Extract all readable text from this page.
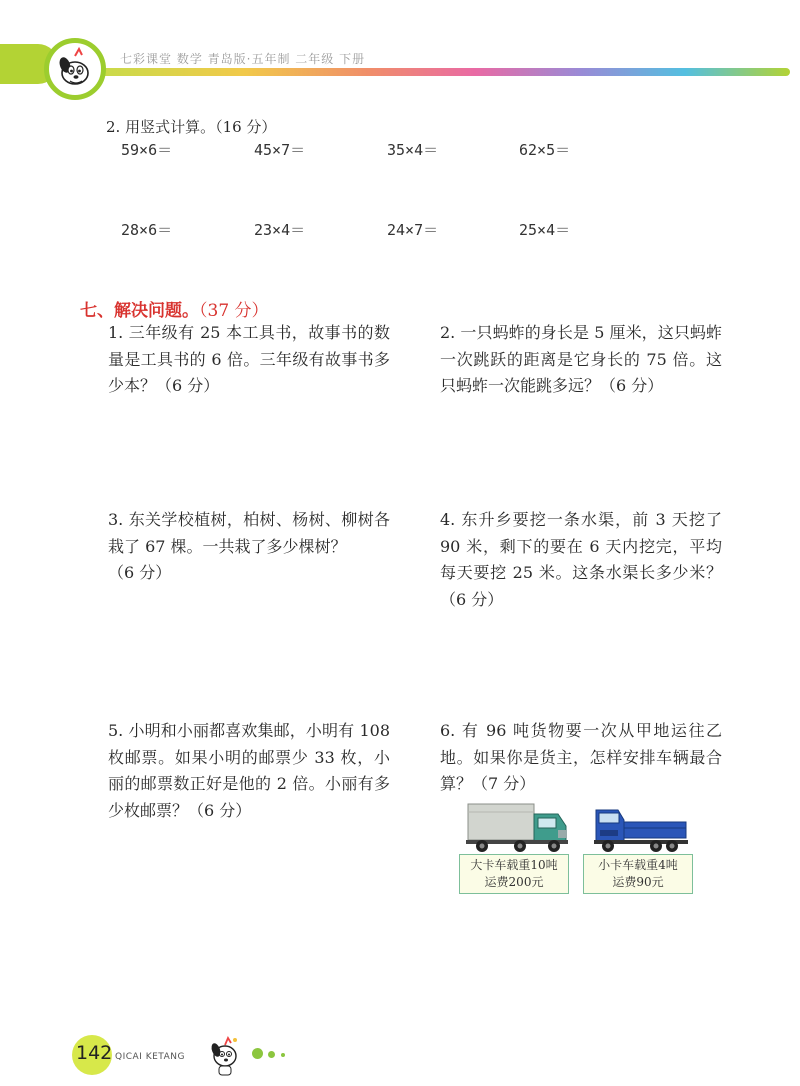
七彩课堂 数学 青岛版·五年制 二年级 下册
2. 用竖式计算。（16 分）
59×6＝	45×7＝	35×4＝	62×5＝
28×6＝	23×4＝	24×7＝	25×4＝
七、解决问题。（37 分）

1. 三年级有 25 本工具书，故事书的数量是工具书的 6 倍。三年级有故事书多少本？（6 分）

2. 一只蚂蚱的身长是 5 厘米，这只蚂蚱一次跳跃的距离是它身长的 75 倍。这只蚂蚱一次能跳多远？（6 分）

3. 东关学校植树，柏树、杨树、柳树各栽了 67 棵。一共栽了多少棵树？

（6 分）

4. 东升乡要挖一条水渠，前 3 天挖了 90 米，剩下的要在 6 天内挖完，平均每天要挖 25 米。这条水渠长多少米？（6 分）

5. 小明和小丽都喜欢集邮，小明有 108 枚邮票。如果小明的邮票少 33 枚，小丽的邮票数正好是他的 2 倍。小丽有多少枚邮票？（6 分）

6. 有 96 吨货物要一次从甲地运往乙地。如果你是货主，怎样安排车辆最合算？（7 分）

大卡车载重10吨
运费200元
小卡车载重4吨
运费90元
142 QICAI KETANG
